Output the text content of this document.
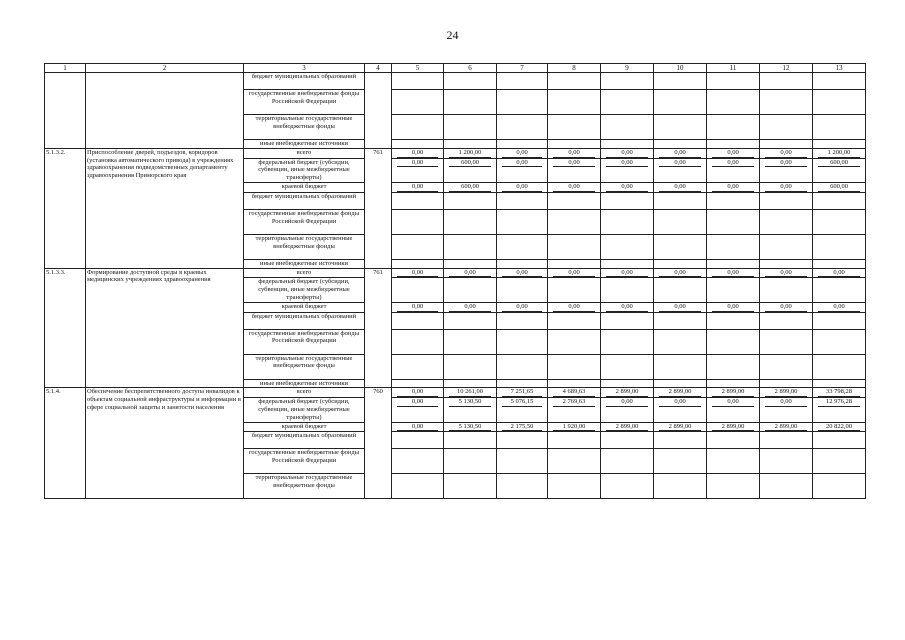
24
1	2	3	4	5	6	7	8	9	10	11	12	13
		бюджет муниципальных образований										
		государственные внебюджетные фонды Российской Федерации										
		территориальные государственные внебюджетные фонды										
		иные внебюджетные источники										
5.1.3.2.	Приспособление дверей, подъездов, коридоров (установка автоматического привода) в учреждениях здравоохранения подведомственных департаменту здравоохранения Приморского края	всего	761	0,00	1 200,00	0,00	0,00	0,00	0,00	0,00	0,00	1 200,00

		федеральный бюджет (субсидии, субвенции, иные межбюджетные трансферты)		0,00	600,00	0,00	0,00	0,00	0,00	0,00	0,00	600,00

		краевой бюджет		0,00	600,00	0,00	0,00	0,00	0,00	0,00	0,00	600,00

		бюджет муниципальных образований										
		государственные внебюджетные фонды Российской Федерации										
		территориальные государственные внебюджетные фонды										
		иные внебюджетные источники										
5.1.3.3.	Формирование доступной среды в краевых медицинских учреждениях здравоохранения	всего	761	0,00	0,00	0,00	0,00	0,00	0,00	0,00	0,00	0,00

		федеральный бюджет (субсидии, субвенции, иные межбюджетные трансферты)										
		краевой бюджет		0,00	0,00	0,00	0,00	0,00	0,00	0,00	0,00	0,00

		бюджет муниципальных образований										
		государственные внебюджетные фонды Российской Федерации										
		территориальные государственные внебюджетные фонды										
		иные внебюджетные источники										
5.1.4.	Обеспечение беспрепятственного доступа инвалидов к объектам социальной инфраструктуры и информации в сфере социальной защиты и занятости населения	всего	760	0,00	10 261,00	7 251,65	4 689,63	2 899,00	2 899,00	2 899,00	2 899,00	33 798,28

		федеральный бюджет (субсидии, субвенции, иные межбюджетные трансферты)		0,00	5 130,50	5 076,15	2 769,63	0,00	0,00	0,00	0,00	12 976,28

		краевой бюджет		0,00	5 130,50	2 175,50	1 920,00	2 899,00	2 899,00	2 899,00	2 899,00	20 822,00

		бюджет муниципальных образований										
		государственные внебюджетные фонды Российской Федерации										
		территориальные государственные внебюджетные фонды										
